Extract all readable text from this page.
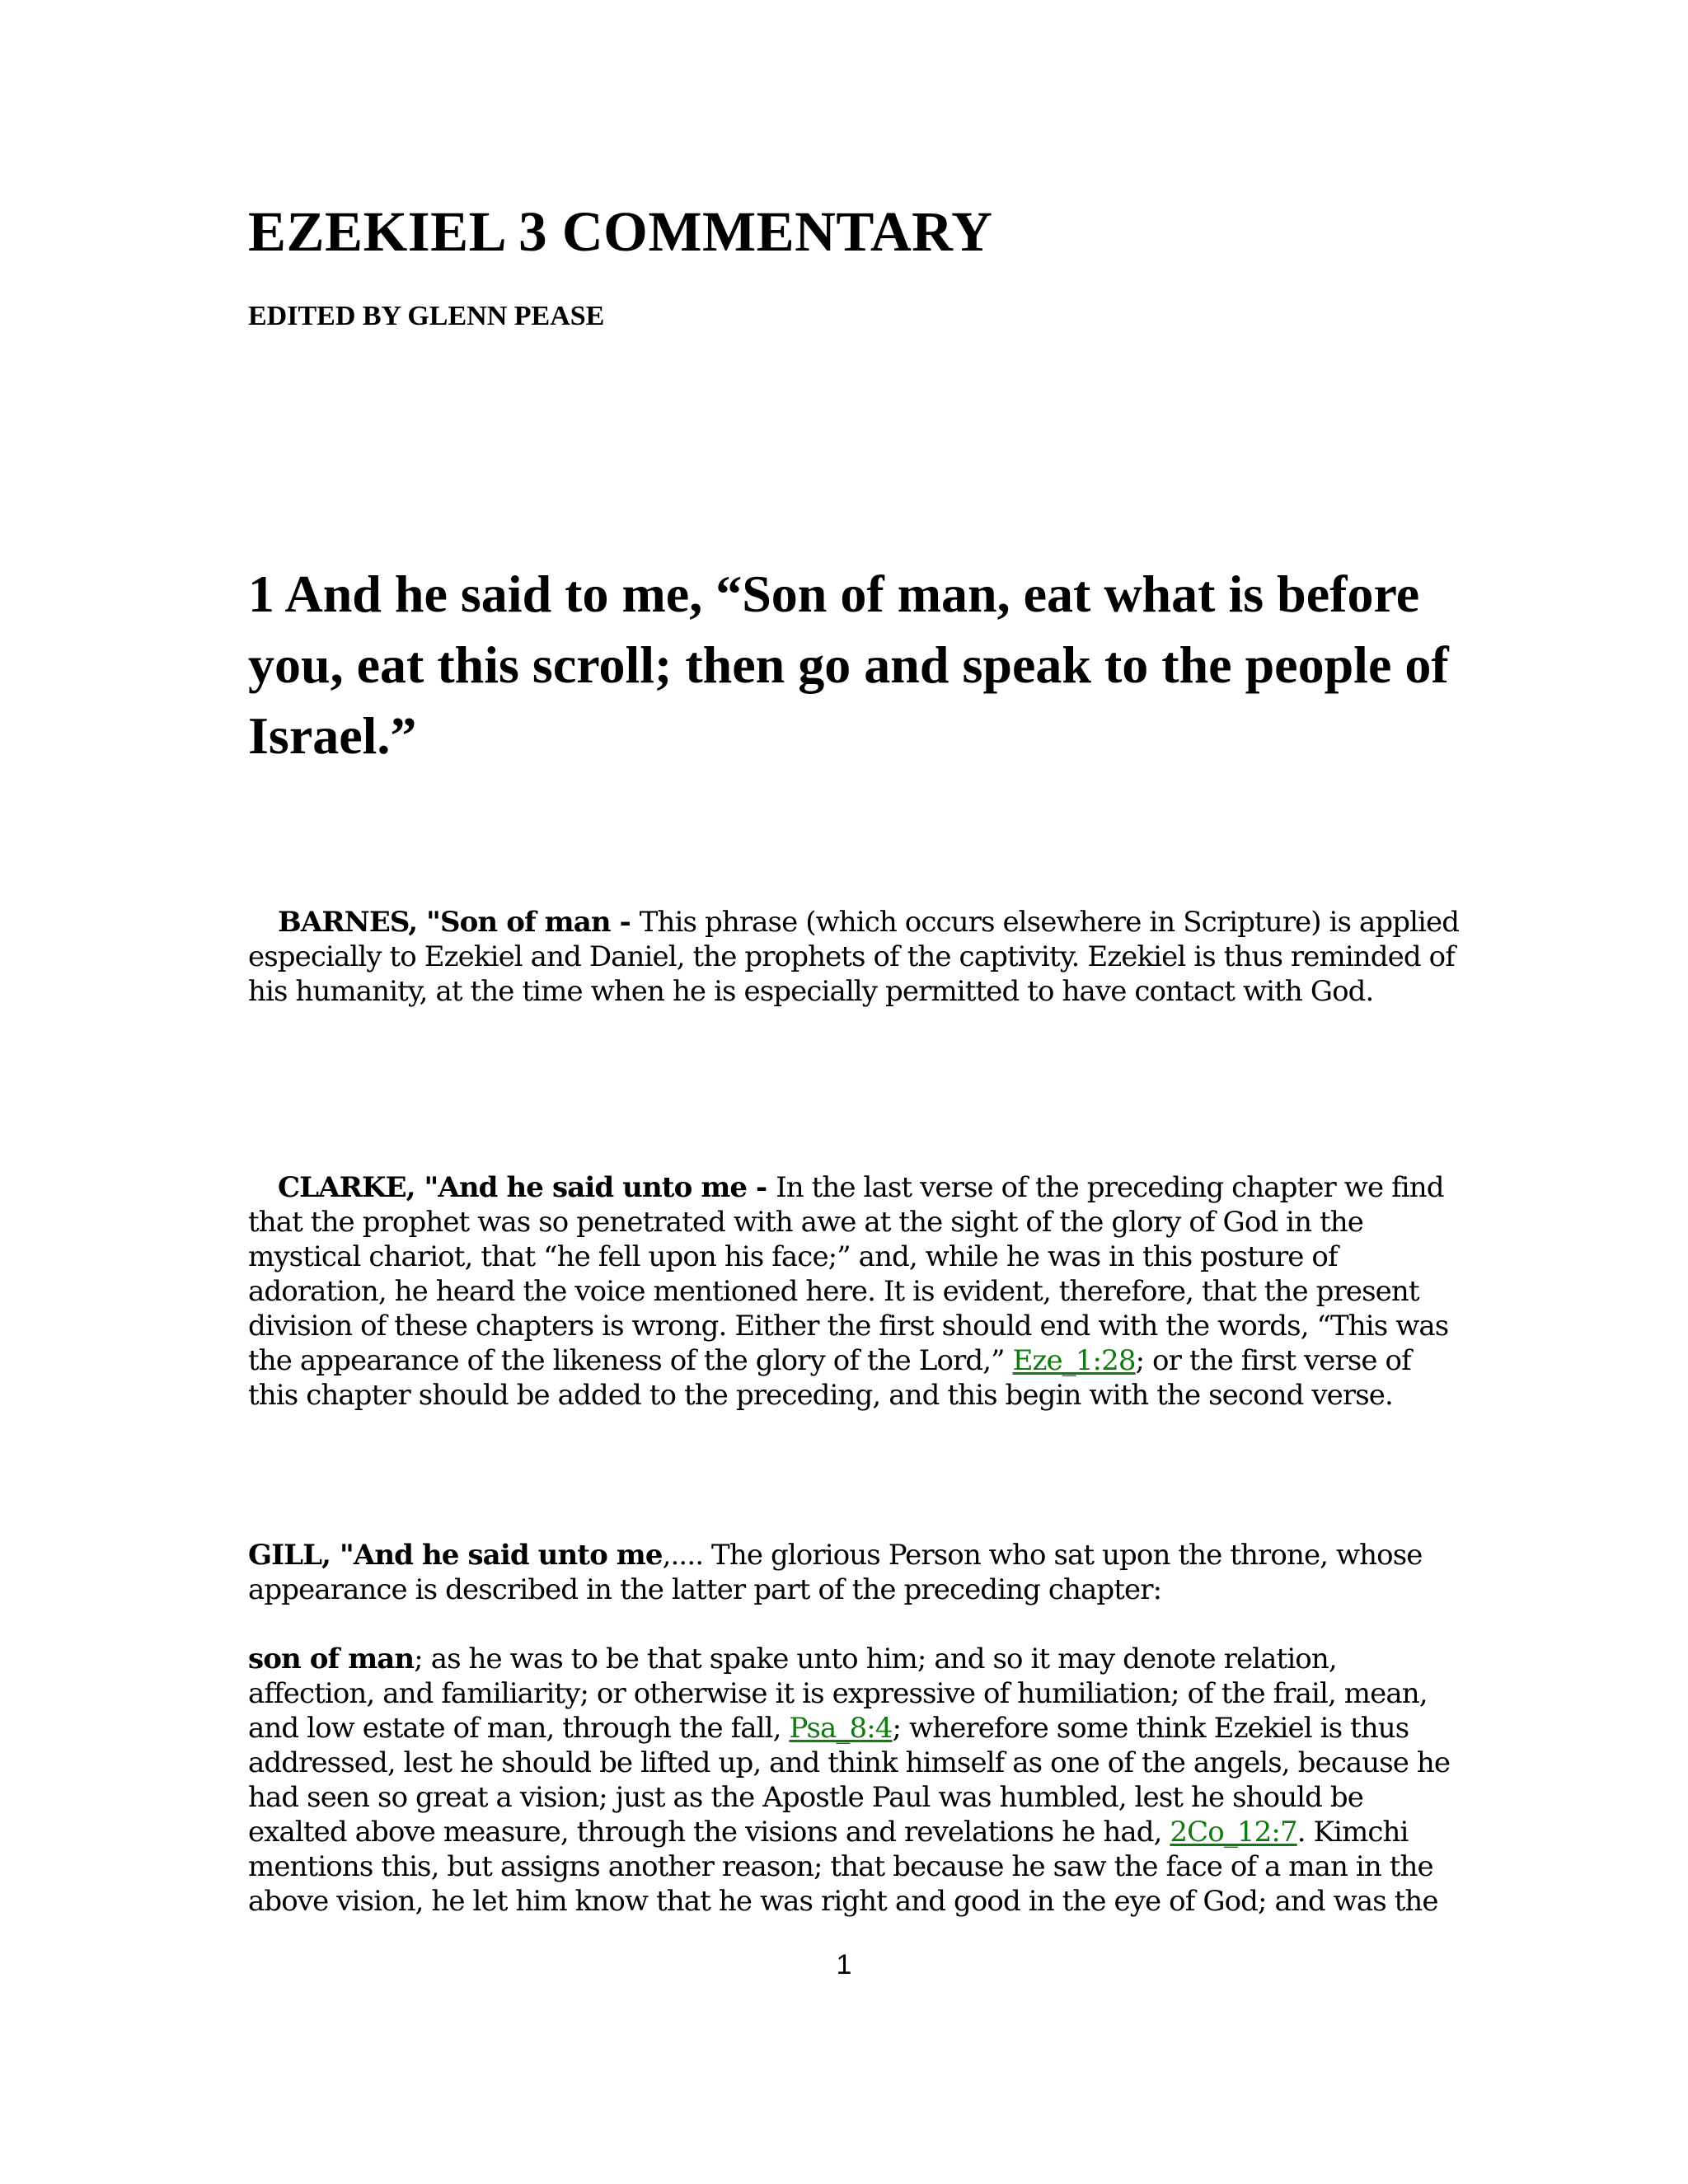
EZEKIEL 3 COMMENTARY
EDITED BY GLENN PEASE
1 And he said to me, “Son of man, eat what is before you, eat this scroll; then go and speak to the people of Israel.”

BARNES, "Son of man - This phrase (which occurs elsewhere in Scripture) is applied especially to Ezekiel and Daniel, the prophets of the captivity. Ezekiel is thus reminded of his humanity, at the time when he is especially permitted to have contact with God.

CLARKE, "And he said unto me - In the last verse of the preceding chapter we find that the prophet was so penetrated with awe at the sight of the glory of God in the mystical chariot, that “he fell upon his face;” and, while he was in this posture of adoration, he heard the voice mentioned here. It is evident, therefore, that the present division of these chapters is wrong. Either the first should end with the words, “This was the appearance of the likeness of the glory of the Lord,” Eze_1:28; or the first verse of this chapter should be added to the preceding, and this begin with the second verse.

GILL, "And he said unto me,.... The glorious Person who sat upon the throne, whose appearance is described in the latter part of the preceding chapter:

son of man; as he was to be that spake unto him; and so it may denote relation, affection, and familiarity; or otherwise it is expressive of humiliation; of the frail, mean, and low estate of man, through the fall, Psa_8:4; wherefore some think Ezekiel is thus addressed, lest he should be lifted up, and think himself as one of the angels, because he had seen so great a vision; just as the Apostle Paul was humbled, lest he should be exalted above measure, through the visions and revelations he had, 2Co_12:7. Kimchi mentions this, but assigns another reason; that because he saw the face of a man in the above vision, he let him know that he was right and good in the eye of God; and was the

1
